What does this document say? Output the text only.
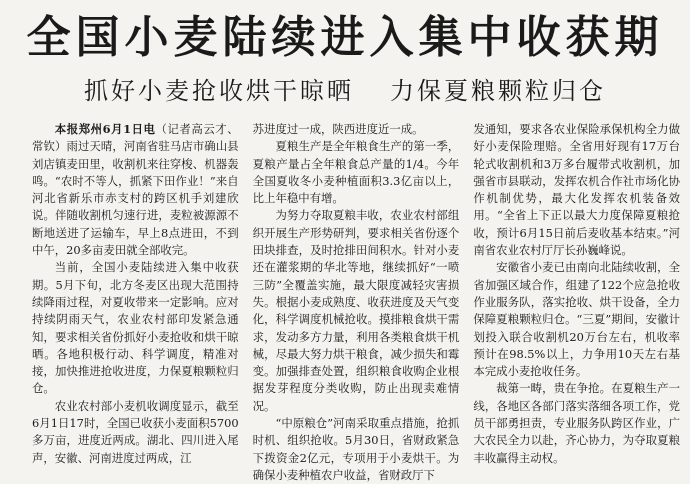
全国小麦陆续进入集中收获期
抓好小麦抢收烘干晾晒 力保夏粮颗粒归仓

本报郑州6月1日电（记者高云才、常钦）雨过天晴，河南省驻马店市确山县刘店镇麦田里，收割机来往穿梭、机器轰鸣。“农时不等人，抓紧下田作业！”来自河北省新乐市赤支村的跨区机手刘建欣说。伴随收割机匀速行进，麦粒被源源不断地送进了运输车，早上8点进田，不到中午，20多亩麦田就全部收完。

当前，全国小麦陆续进入集中收获期。5月下旬，北方冬麦区出现大范围持续降雨过程，对夏收带来一定影响。应对持续阴雨天气，农业农村部印发紧急通知，要求相关省份抓好小麦抢收和烘干晾晒。各地积极行动、科学调度，精准对接，加快推进抢收进度，力保夏粮颗粒归仓。

农业农村部小麦机收调度显示，截至6月1日17时，全国已收获小麦面积5700多万亩，进度近两成。湖北、四川进入尾声，安徽、河南进度过两成，江

苏进度过一成，陕西进度近一成。

夏粮生产是全年粮食生产的第一季，夏粮产量占全年粮食总产量的1/4。今年全国夏收冬小麦种植面积3.3亿亩以上，比上年稳中有增。

为努力夺取夏粮丰收，农业农村部组织开展生产形势研判，要求相关省份逐个田块排查，及时抢排田间积水。针对小麦还在灌浆期的华北等地，继续抓好“一喷三防”全覆盖实施，最大限度减轻灾害损失。根据小麦成熟度、收获进度及天气变化，科学调度机械抢收。摸排粮食烘干需求，发动多方力量，利用各类粮食烘干机械，尽最大努力烘干粮食，减少损失和霉变。加强排查处置，组织粮食收购企业根据发芽程度分类收购，防止出现卖难情况。

“中原粮仓”河南采取重点措施，抢抓时机、组织抢收。5月30日，省财政紧急下拨资金2亿元，专项用于小麦烘干。为确保小麦种植农户收益，省财政厅下

发通知，要求各农业保险承保机构全力做好小麦保险理赔。全省用好现有17万台轮式收割机和3万多台履带式收割机，加强省市县联动，发挥农机合作社市场化协作机制优势，最大化发挥农机装备效用。“全省上下正以最大力度保障夏粮抢收，预计6月15日前后麦收基本结束。”河南省农业农村厅厅长孙巍峰说。

安徽省小麦已由南向北陆续收割，全省加强区域合作，组建了122个应急抢收作业服务队，落实抢收、烘干设备，全力保障夏粮颗粒归仓。“三夏”期间，安徽计划投入联合收割机20万台左右，机收率预计在98.5%以上，力争用10天左右基本完成小麦抢收任务。

裁第一畴，贵在争抢。在夏粮生产一线，各地区各部门落实落细各项工作，党员干部勇担责，专业服务队跨区作业，广大农民全力以赴，齐心协力，为夺取夏粮丰收赢得主动权。
